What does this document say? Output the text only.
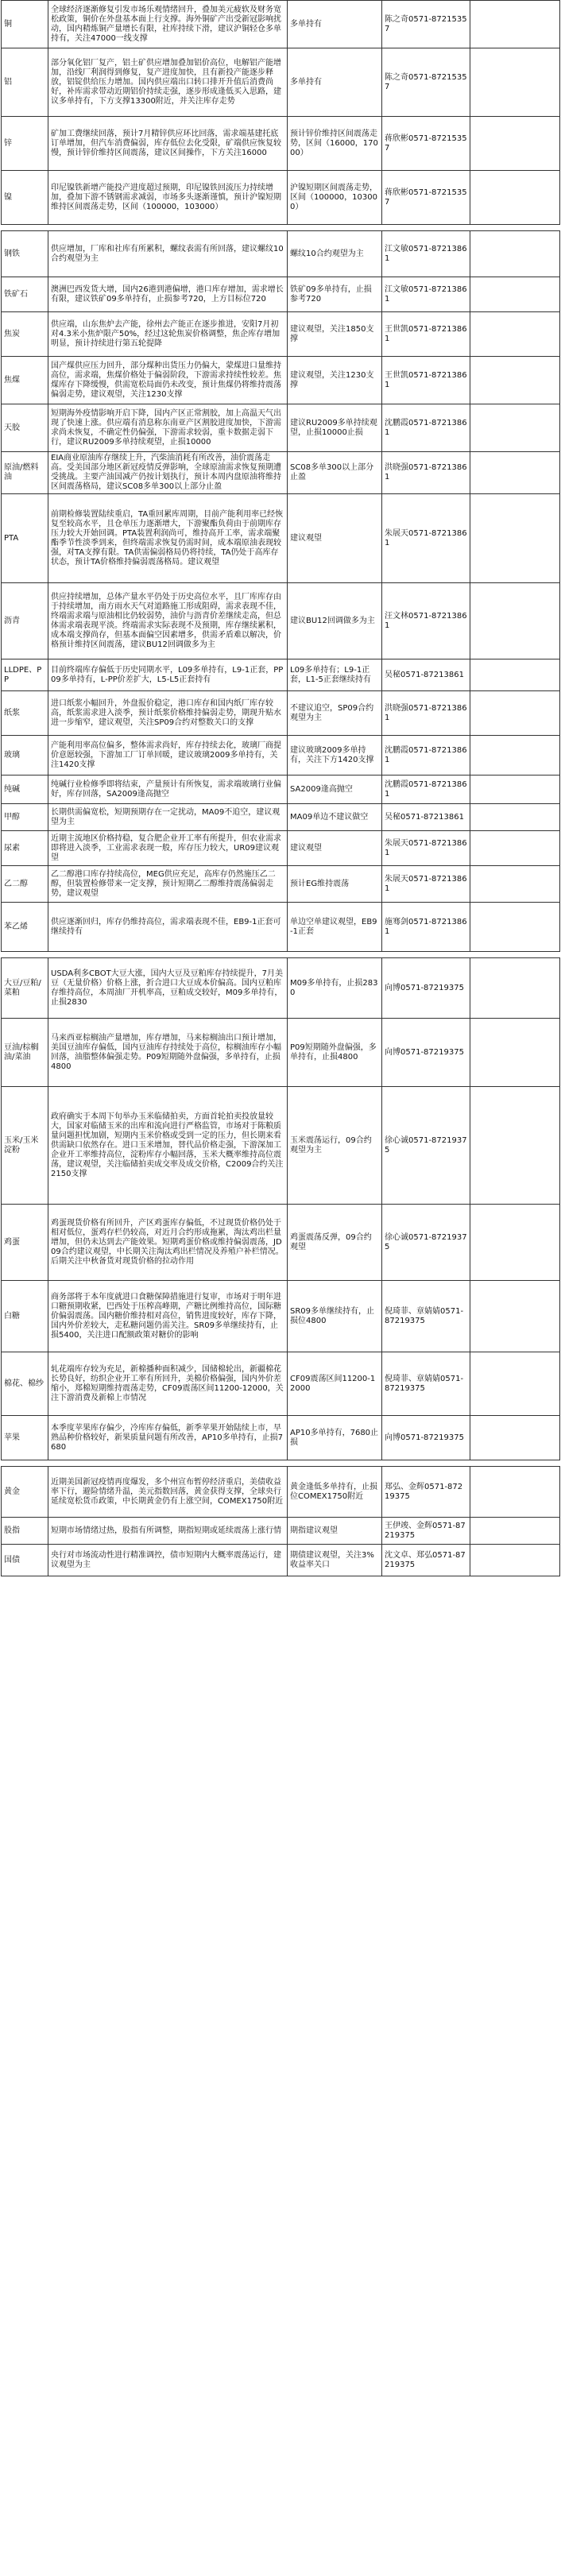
铜	全球经济逐渐修复引发市场乐观情绪回升，叠加美元疲软及财务宽松政策，铜价在外盘基本面上行支撑。海外铜矿产出受新冠影响扰动，国内精炼铜产量增长有限，社库持续下滑，建议沪铜轻仓多单持有，关注47000一线支撑	多单持有	陈之奇0571-87215357	
铝	部分氧化铝厂复产，铝土矿供应增加叠加铝价高位，电解铝产能增加，沿线厂利润得到修复，复产进度加快，且有新投产能逐步释放，铝锭供给压力增加。国内供应端出口转口排开升值后消费尚好，补库需求带动近期铝价持续走强，逐步形成逢低买入思路，建议多单持有，下方支撑13300附近，并关注库存走势	多单持有	陈之奇0571-87215357	
锌	矿加工费继续回落，预计7月精锌供应环比回落，需求端基建托底订单增加，但汽车消费偏弱，库存低位去化受限，矿端供应恢复较慢，预计锌价维持区间震荡，建议区间操作，下方关注16000	预计锌价维持区间震荡走势，区间（16000，17000）	蒋欣彬0571-87215357	
镍	印尼镍铁新增产能投产进度超过预期，印尼镍铁回流压力持续增加，叠加下游不锈钢需求减弱，市场多头逐渐谨慎，预计沪镍短期维持区间震荡走势，区间（100000，103000）	沪镍短期区间震荡走势，区间（100000，103000）	蒋欣彬0571-87215357	
钢铁	供应增加，厂库和社库有所累积，螺纹表需有所回落，建议螺纹10合约观望为主	螺纹10合约观望为主	江文敏0571-87213861	
铁矿石	澳洲巴西发货大增，国内26港到港偏增，港口库存增加，需求增长有限，建议铁矿09多单持有，止损参考720，上方目标位720	铁矿09多单持有，止损参考720	江文敏0571-87213861	
焦炭	供应端，山东焦炉去产能，徐州去产能正在逐步推进，安阳7月初对4.3米小焦炉限产50%，经过这轮焦炭价格调整，焦企库存增加明显，预计持续进行第五轮提降	建议观望，关注1850支撑	王世凯0571-87213861	
焦煤	国产煤供应压力回升，部分煤种出货压力仍偏大，蒙煤进口量维持高位，需求端，焦煤价格处于偏弱阶段，下游需求持续性较差。焦煤库存下降缓慢，供需宽松局面仍未改变，预计焦煤仍将维持震荡偏弱走势，建议观望，关注1230支撑	建议观望，关注1230支撑	王世凯0571-87213861	
天胶	短期海外疫情影响开启下降，国内产区正常割胶，加上高温天气出现了快速上涨。供应端有消息称东南亚产区割胶进度加快，下游需求尚未恢复，不确定性仍偏强，下游需求较弱，重卡数据走弱下行，建议RU2009多单持续观望，止损10000	建议RU2009多单持续观望，止损10000止损	沈鹏霞0571-87213861	
原油/燃料油	EIA商业原油库存继续上升，汽柴油消耗有所改善，油价震荡走高。受美国部分地区新冠疫情反弹影响，全球原油需求恢复预期遭受挑战。主要产油国减产仍按计划执行，预计本周内盘原油将维持区间震荡格局，建议SC08多单300以上部分止盈	SC08多单300以上部分止盈	洪晓强0571-87213861	
PTA	前期检修装置陆续重启，TA重回累库周期，目前产能利用率已经恢复至较高水平，且仓单压力逐渐增大，下游聚酯负荷由于前期库存压力较大开始回调。PTA装置利润尚可，维持高开工率，需求端聚酯季节性淡季到来，但终端需求恢复仍需时间，成本端原油表现较强，对TA支撑有限。TA供需偏弱格局仍将持续，TA仍处于高库存状态，预计TA价格维持偏弱震荡格局。建议观望	建议观望	朱展天0571-87213861	
沥青	供应持续增加，总体产量水平仍处于历史高位水平，且厂库库存由于持续增加，南方雨水天气对道路施工形成阻碍，需求表现不佳，终端需求端与原油相比仍较弱势，油价与沥青价差继续走高，但总体需求端表现平淡。终端需求实际表现不及预期，库存继续累积，成本端支撑尚存，但基本面偏空因素增多，供需矛盾难以解决，价格预计维持区间震荡，建议BU12回调做多为主	建议BU12回调做多为主	汪文林0571-87213861	
LLDPE、PP	目前终端库存偏低于历史同期水平，L09多单持有，L9-1正套，PP09多单持有，L-PP价差扩大，L5-L5正套持有	L09多单持有；L9-1正套，L1-5正套继续持有	吴秘0571-87213861	
纸浆	进口纸浆小幅回升，外盘报价稳定，港口库存和国内纸厂库存较高，纸浆需求进入淡季，预计纸浆价格维持偏弱走势，期现升贴水进一步缩窄，建议观望，关注SP09合约对整数关口的支撑	不建议追空，SP09合约观望为主	洪晓强0571-87213861	
玻璃	产能利用率高位偏多，整体需求尚好，库存持续去化，玻璃厂商提价意愿较强，下游加工厂订单回暖，建议玻璃2009多单持有，关注1420支撑	建议玻璃2009多单持有，关注下方1420支撑	沈鹏霞0571-87213861	
纯碱	纯碱行业检修季即将结束，产量预计有所恢复，需求端玻璃行业偏好，库存回落，SA2009逢高抛空	SA2009逢高抛空	沈鹏霞0571-87213861	
甲醇	长期供需偏宽松，短期预期存在一定扰动，MA09不追空，建议观望为主	MA09单边不建议做空	吴秘0571-87213861	
尿素	近期主流地区价格持稳，复合肥企业开工率有所提升，但农业需求即将进入淡季，工业需求表现一般，库存压力较大，UR09建议观望	建议观望	朱展天0571-87213861	
乙二醇	乙二醇港口库存持续高位，MEG供应充足，高库存仍然施压乙二醇，但装置检修带来一定支撑，预计短期乙二醇维持震荡偏弱走势，建议观望	预计EG维持震荡	朱展天0571-87213861	
苯乙烯	供应逐渐回归，库存仍维持高位，需求端表现不佳，EB9-1正套可继续持有	单边空单建议观望，EB9-1正套	施骞剑0571-87213861	
大豆/豆粕/菜粕	USDA利多CBOT大豆大涨，国内大豆及豆粕库存持续提升，7月美豆（无量价格）价格上涨，折合进口大豆成本价偏高。国内豆粕库存维持高位，本周油厂开机率高，豆粕成交较好，M09多单持有，止损2830	M09多单持有，止损2830	向博0571-87219375	
豆油/棕榈油/菜油	马来西亚棕榈油产量增加，库存增加，马来棕榈油出口预计增加，美国豆油库存偏低，国内豆油库存持续处于高位，棕榈油库存小幅回落，油脂整体偏强走势。P09短期随外盘偏强，多单持有，止损4800	P09短期随外盘偏强，多单持有，止损4800	向博0571-87219375	
玉米/玉米淀粉	政府确实于本周下旬举办玉米临储拍卖，方面首轮拍卖投放量较大，国家对临储玉米的出库和流向进行严格监管，市场对于陈粮质量问题担忧加剧，短期内玉米价格或受到一定的压力，但长期来看供需缺口依然存在。进口玉米增加，替代品价格走强，下游深加工企业开工率维持高位，淀粉库存小幅回落，玉米大概率维持高位震荡，建议观望，关注临储拍卖成交率及成交价格，C2009合约关注2150支撑	玉米震荡运行，09合约观望为主	徐心诚0571-87219375	
鸡蛋	鸡蛋现货价格有所回升，产区鸡蛋库存偏低，不过现货价格仍处于相对低位，蛋鸡存栏仍较高，对近月合约形成拖累，淘汰鸡出栏量增加，但仍未达到去产能效果。短期鸡蛋价格或维持偏弱震荡，JD09合约建议观望，中长期关注淘汰鸡出栏情况及养殖户补栏情况。后期关注中秋备货对现货价格的拉动作用	鸡蛋震荡反弹，09合约观望	徐心诚0571-87219375	
白糖	商务部将于本年度就进口食糖保障措施进行复审，市场对于明年进口糖预期收紧，巴西处于压榨高峰期，产糖比例维持高位，国际糖价偏弱震荡。国内糖价维持相对高位，销售进度较好，库存下降，国内外价差较大，走私糖问题仍需关注。SR09多单继续持有，止损5400，关注进口配额政策对糖价的影响	SR09多单继续持有，止损位4800	倪琦菲、章婧婧0571-87219375	
棉花、棉纱	轧花端库存较为充足，新棉播种面积减少，国储棉轮出，新疆棉花长势良好，纺织企业开工率有所回升，美棉价格偏强，国内外价差缩小，郑棉短期维持震荡走势，CF09震荡区间11200-12000，关注下游消费及新棉上市情况	CF09震荡区间11200-12000	倪琦菲、章婧婧0571-87219375	
苹果	本季度苹果库存偏少，冷库库存偏低，新季苹果开始陆续上市，早熟品种价格较好，新果质量问题有所改善，AP10多单持有，止损7680	AP10多单持有，7680止损	向博0571-87219375	
黄金	近期美国新冠疫情再度爆发，多个州宣布暂停经济重启，美债收益率下行，避险情绪升温，美元指数回落，黄金获得支撑，全球央行延续宽松货币政策，中长期黄金仍有上涨空间，COMEX1750附近	黄金逢低多单持有，止损位COMEX1750附近	郑弘、金辉0571-87219375	
股指	短期市场情绪过热，股指有所调整，期指短期或延续震荡上涨行情	期指建议观望	王伊竣、金辉0571-87219375	
国债	央行对市场流动性进行精准调控，债市短期内大概率震荡运行，建议观望为主	期债建议观望，关注3%收益率关口	沈文卓、郑弘0571-87219375	
